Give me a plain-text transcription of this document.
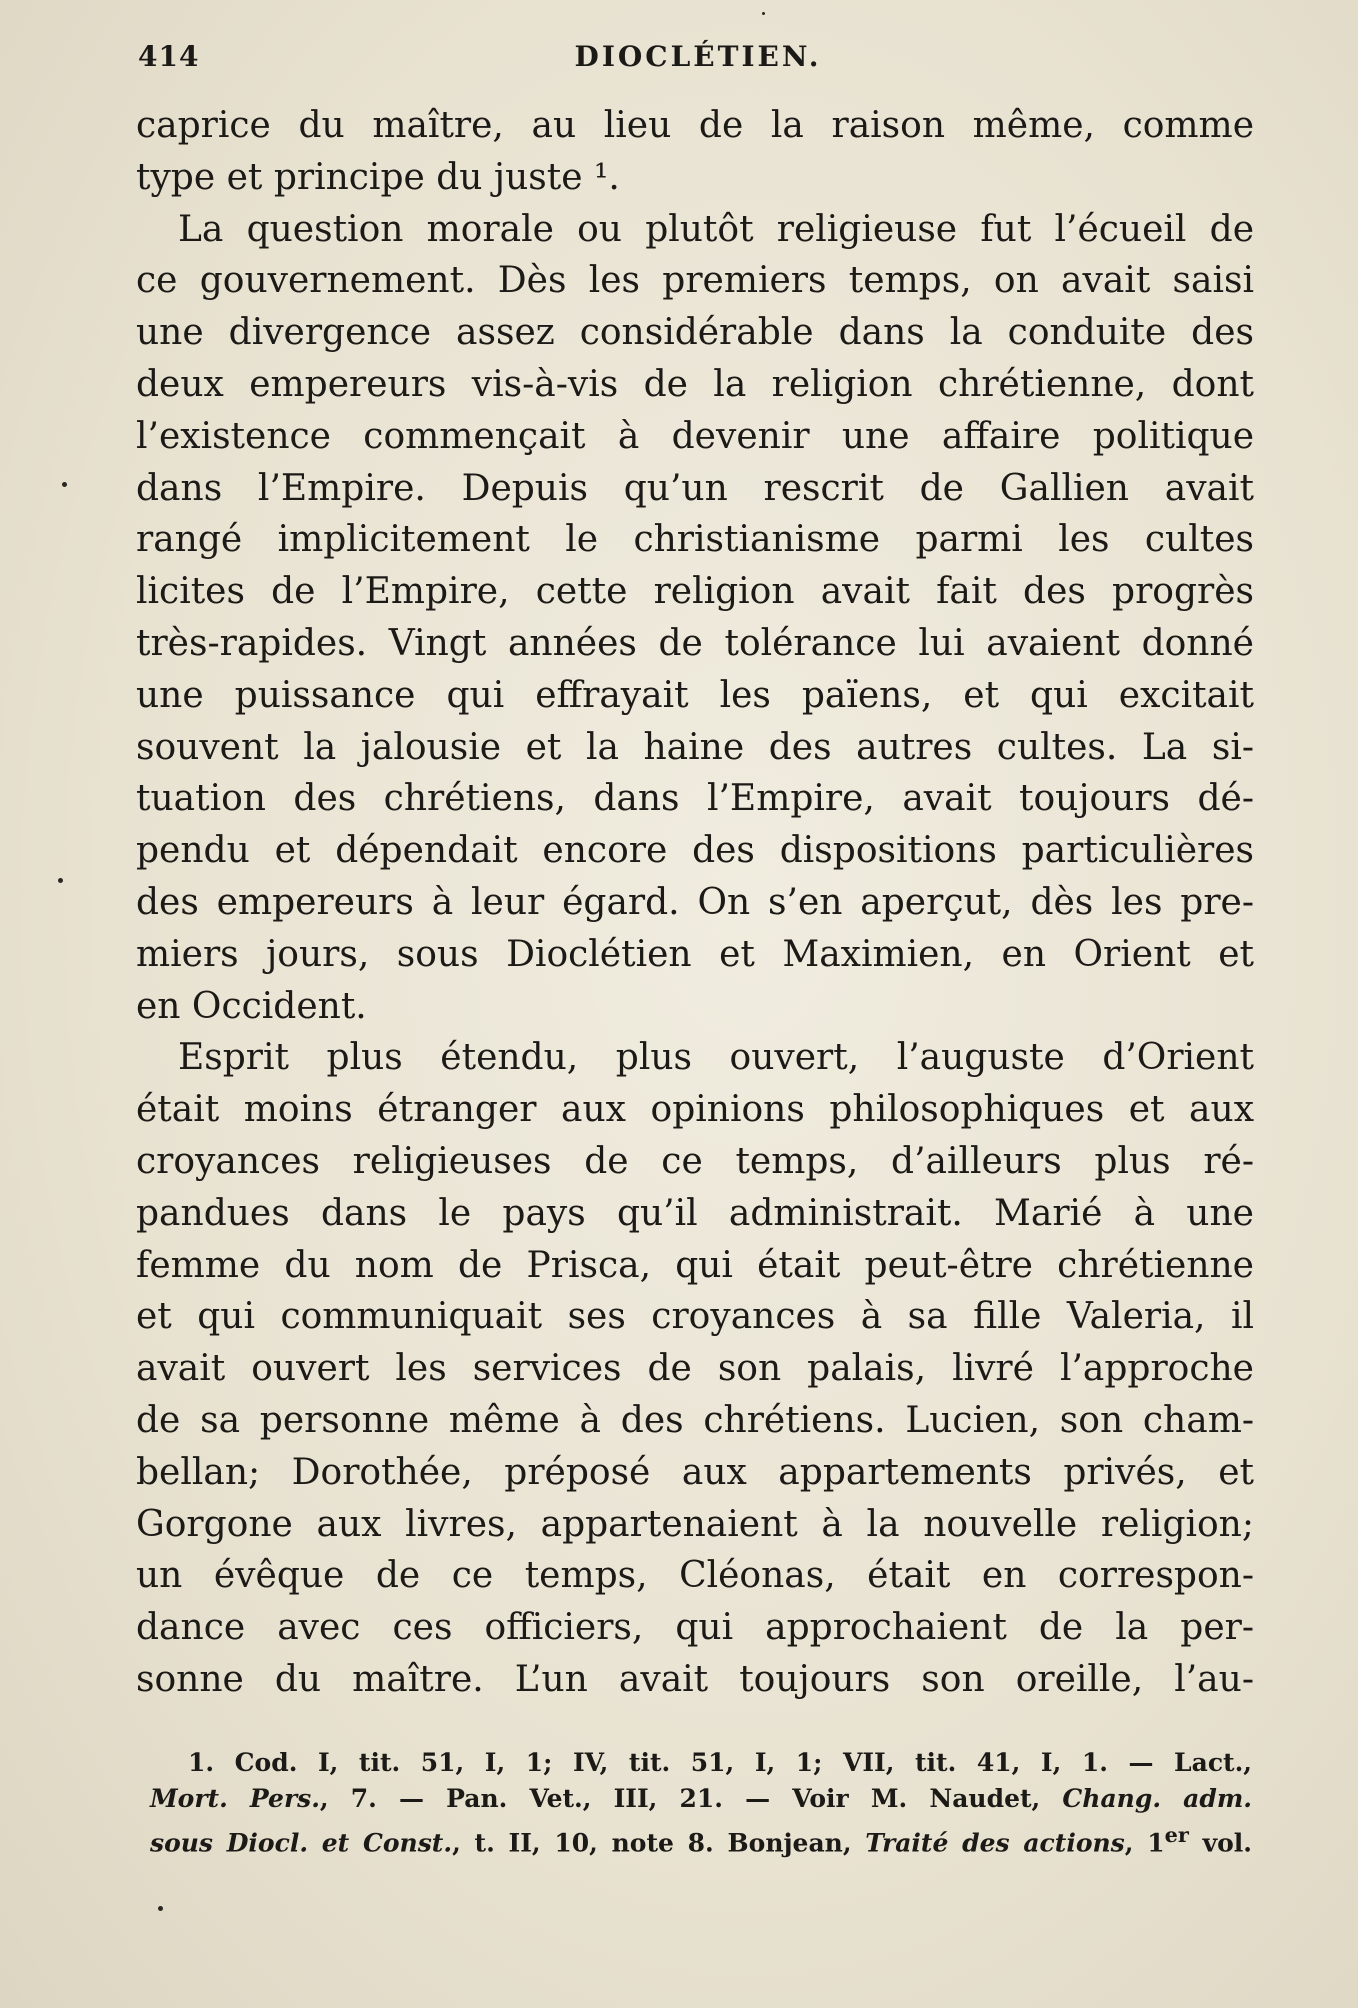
414	DIOCLÉTIEN.
caprice du maître, au lieu de la raison même, comme
type et principe du juste ¹.
La question morale ou plutôt religieuse fut l’écueil de
ce gouvernement. Dès les premiers temps, on avait saisi
une divergence assez considérable dans la conduite des
deux empereurs vis-à-vis de la religion chrétienne, dont
l’existence commençait à devenir une affaire politique
dans l’Empire. Depuis qu’un rescrit de Gallien avait
rangé implicitement le christianisme parmi les cultes
licites de l’Empire, cette religion avait fait des progrès
très-rapides. Vingt années de tolérance lui avaient donné
une puissance qui effrayait les païens, et qui excitait
souvent la jalousie et la haine des autres cultes. La si-
tuation des chrétiens, dans l’Empire, avait toujours dé-
pendu et dépendait encore des dispositions particulières
des empereurs à leur égard. On s’en aperçut, dès les pre-
miers jours, sous Dioclétien et Maximien, en Orient et
en Occident.
Esprit plus étendu, plus ouvert, l’auguste d’Orient
était moins étranger aux opinions philosophiques et aux
croyances religieuses de ce temps, d’ailleurs plus ré-
pandues dans le pays qu’il administrait. Marié à une
femme du nom de Prisca, qui était peut-être chrétienne
et qui communiquait ses croyances à sa fille Valeria, il
avait ouvert les services de son palais, livré l’approche
de sa personne même à des chrétiens. Lucien, son cham-
bellan; Dorothée, préposé aux appartements privés, et
Gorgone aux livres, appartenaient à la nouvelle religion;
un évêque de ce temps, Cléonas, était en correspon-
dance avec ces officiers, qui approchaient de la per-
sonne du maître. L’un avait toujours son oreille, l’au-
1. Cod. I, tit. 51, I, 1; IV, tit. 51, I, 1; VII, tit. 41, I, 1. — Lact.,
Mort. Pers., 7. — Pan. Vet., III, 21. — Voir M. Naudet, Chang. adm.
sous Diocl. et Const., t. II, 10, note 8. Bonjean, Traité des actions, 1er vol.
